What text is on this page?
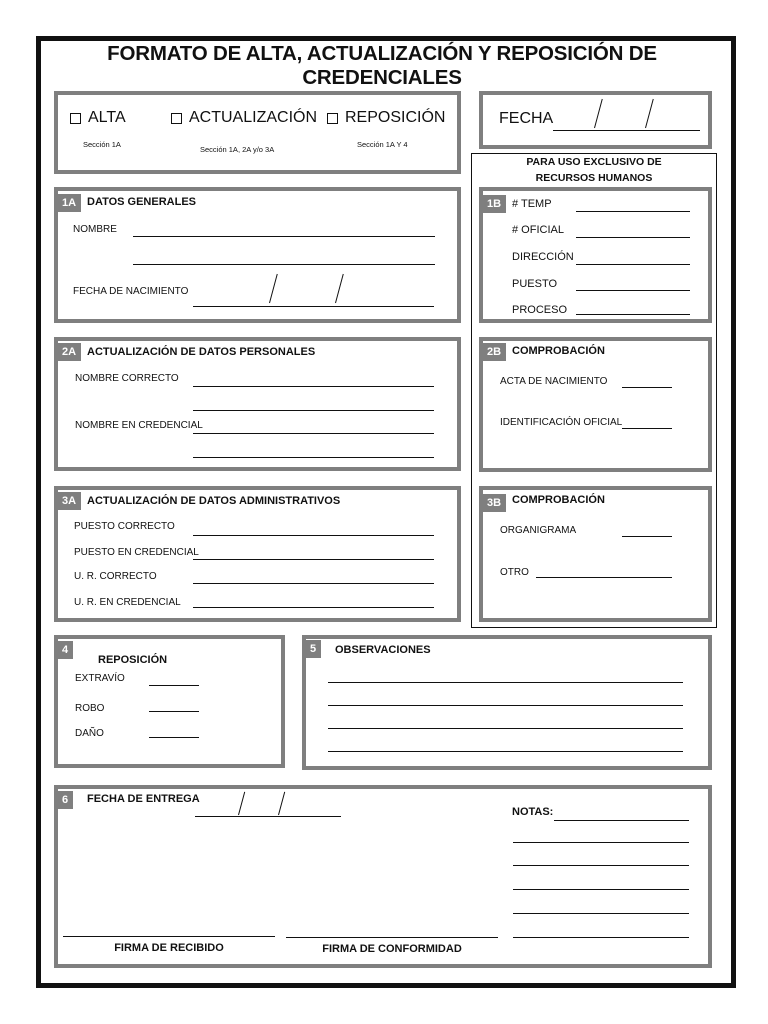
FORMATO DE ALTA, ACTUALIZACIÓN Y REPOSICIÓN DE CREDENCIALES
ALTA
Sección 1A
ACTUALIZACIÓN
Sección 1A, 2A y/o 3A
REPOSICIÓN
Sección 1A Y 4
FECHA
PARA USO EXCLUSIVO DE RECURSOS HUMANOS
1A DATOS GENERALES
NOMBRE
FECHA DE NACIMIENTO
1B # TEMP
# OFICIAL
DIRECCIÓN
PUESTO
PROCESO
2A ACTUALIZACIÓN DE DATOS PERSONALES
NOMBRE CORRECTO
NOMBRE EN CREDENCIAL
2B COMPROBACIÓN
ACTA DE NACIMIENTO
IDENTIFICACIÓN OFICIAL
3A ACTUALIZACIÓN DE DATOS ADMINISTRATIVOS
PUESTO CORRECTO
PUESTO EN CREDENCIAL
U. R. CORRECTO
U. R. EN CREDENCIAL
3B COMPROBACIÓN
ORGANIGRAMA
OTRO
4
REPOSICIÓN
EXTRAVÍO
ROBO
DAÑO
5	OBSERVACIONES
6	FECHA DE ENTREGA
NOTAS:
FIRMA DE RECIBIDO	FIRMA DE CONFORMIDAD
